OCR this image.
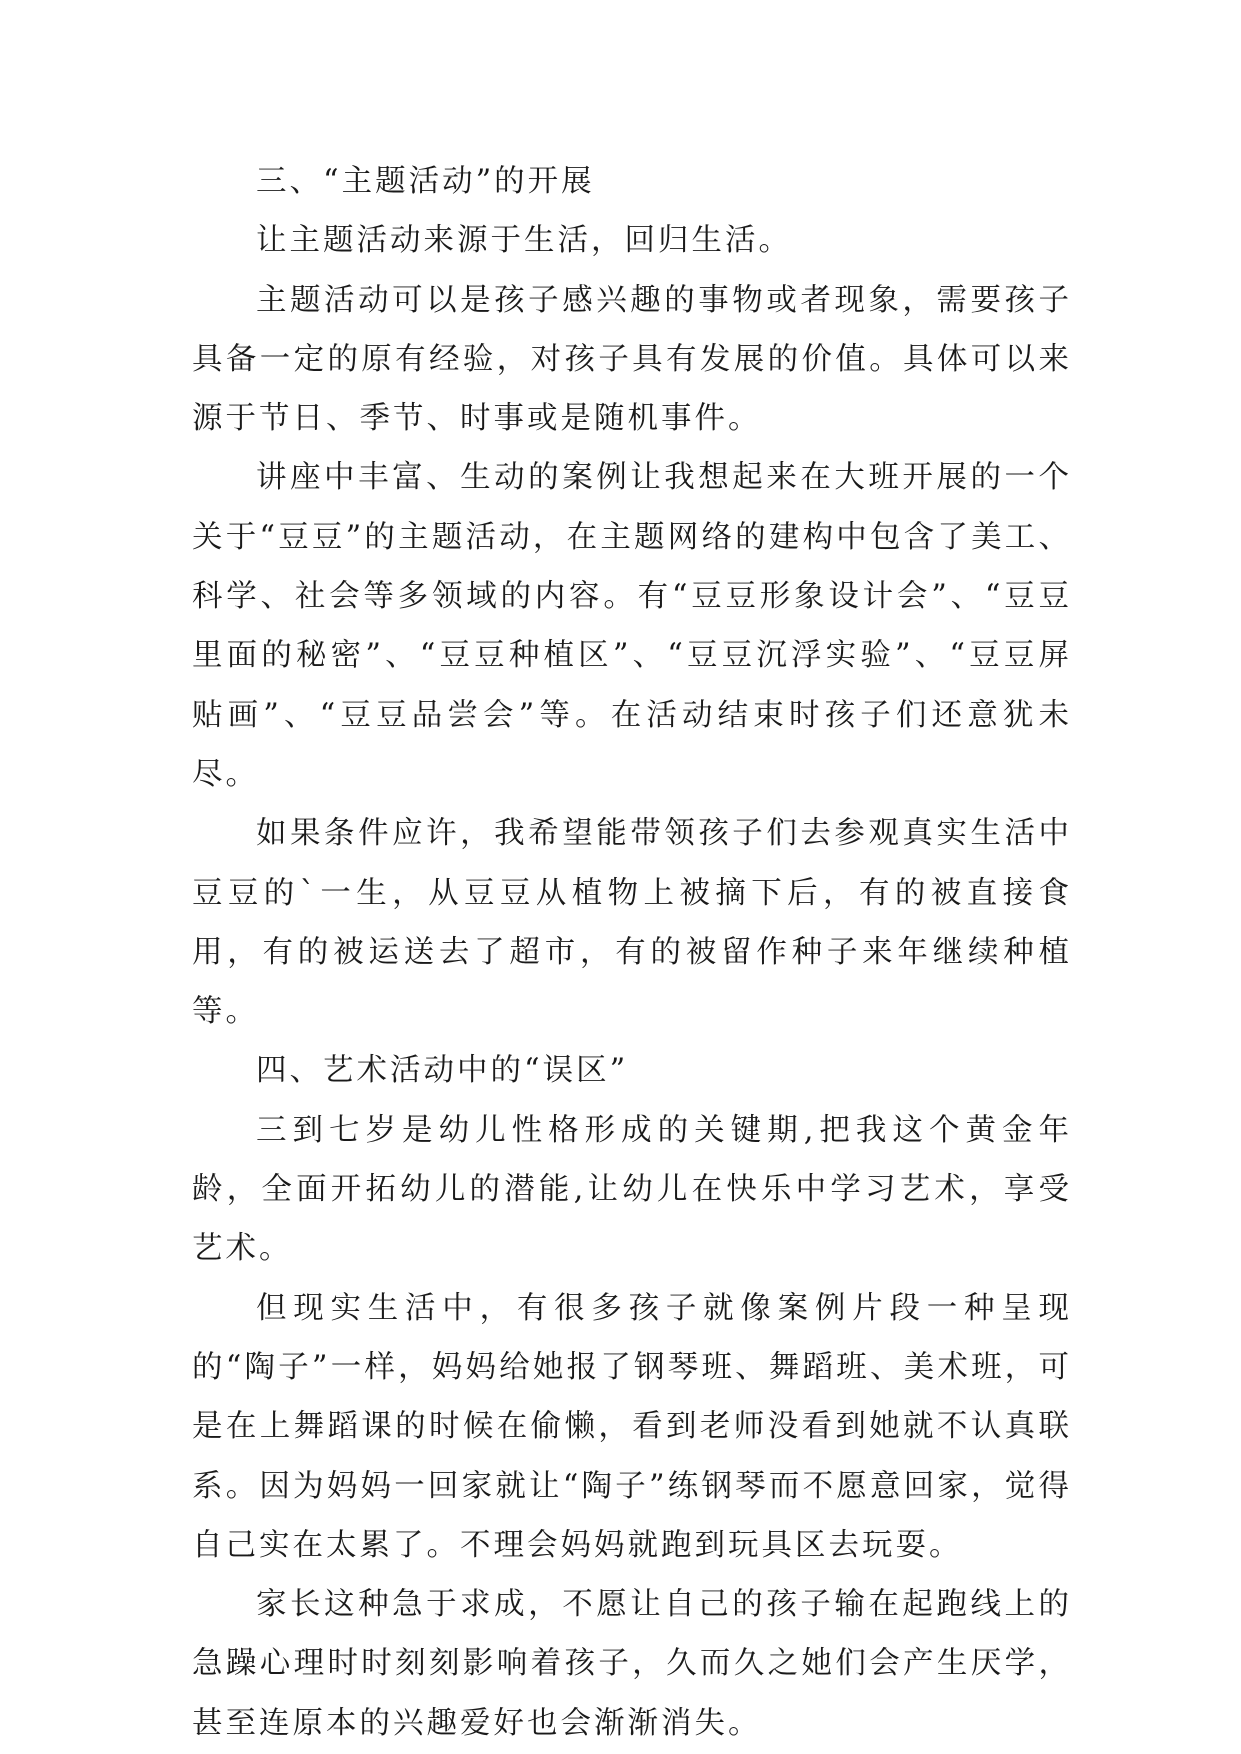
三、“主题活动”的开展

让主题活动来源于生活，回归生活。

主题活动可以是孩子感兴趣的事物或者现象，需要孩子具备一定的原有经验，对孩子具有发展的价值。具体可以来源于节日、季节、时事或是随机事件。

讲座中丰富、生动的案例让我想起来在大班开展的一个关于“豆豆”的主题活动，在主题网络的建构中包含了美工、科学、社会等多领域的内容。有“豆豆形象设计会”、“豆豆里面的秘密”、“豆豆种植区”、“豆豆沉浮实验”、“豆豆屏贴画”、“豆豆品尝会”等。在活动结束时孩子们还意犹未尽。

如果条件应许，我希望能带领孩子们去参观真实生活中豆豆的`一生，从豆豆从植物上被摘下后，有的被直接食用，有的被运送去了超市，有的被留作种子来年继续种植等。

四、艺术活动中的“误区”

三到七岁是幼儿性格形成的关键期,把我这个黄金年龄，全面开拓幼儿的潜能,让幼儿在快乐中学习艺术，享受艺术。

但现实生活中，有很多孩子就像案例片段一种呈现的“陶子”一样，妈妈给她报了钢琴班、舞蹈班、美术班，可是在上舞蹈课的时候在偷懒，看到老师没看到她就不认真联系。因为妈妈一回家就让“陶子”练钢琴而不愿意回家，觉得自己实在太累了。不理会妈妈就跑到玩具区去玩耍。

家长这种急于求成，不愿让自己的孩子输在起跑线上的急躁心理时时刻刻影响着孩子，久而久之她们会产生厌学，甚至连原本的兴趣爱好也会渐渐消失。
